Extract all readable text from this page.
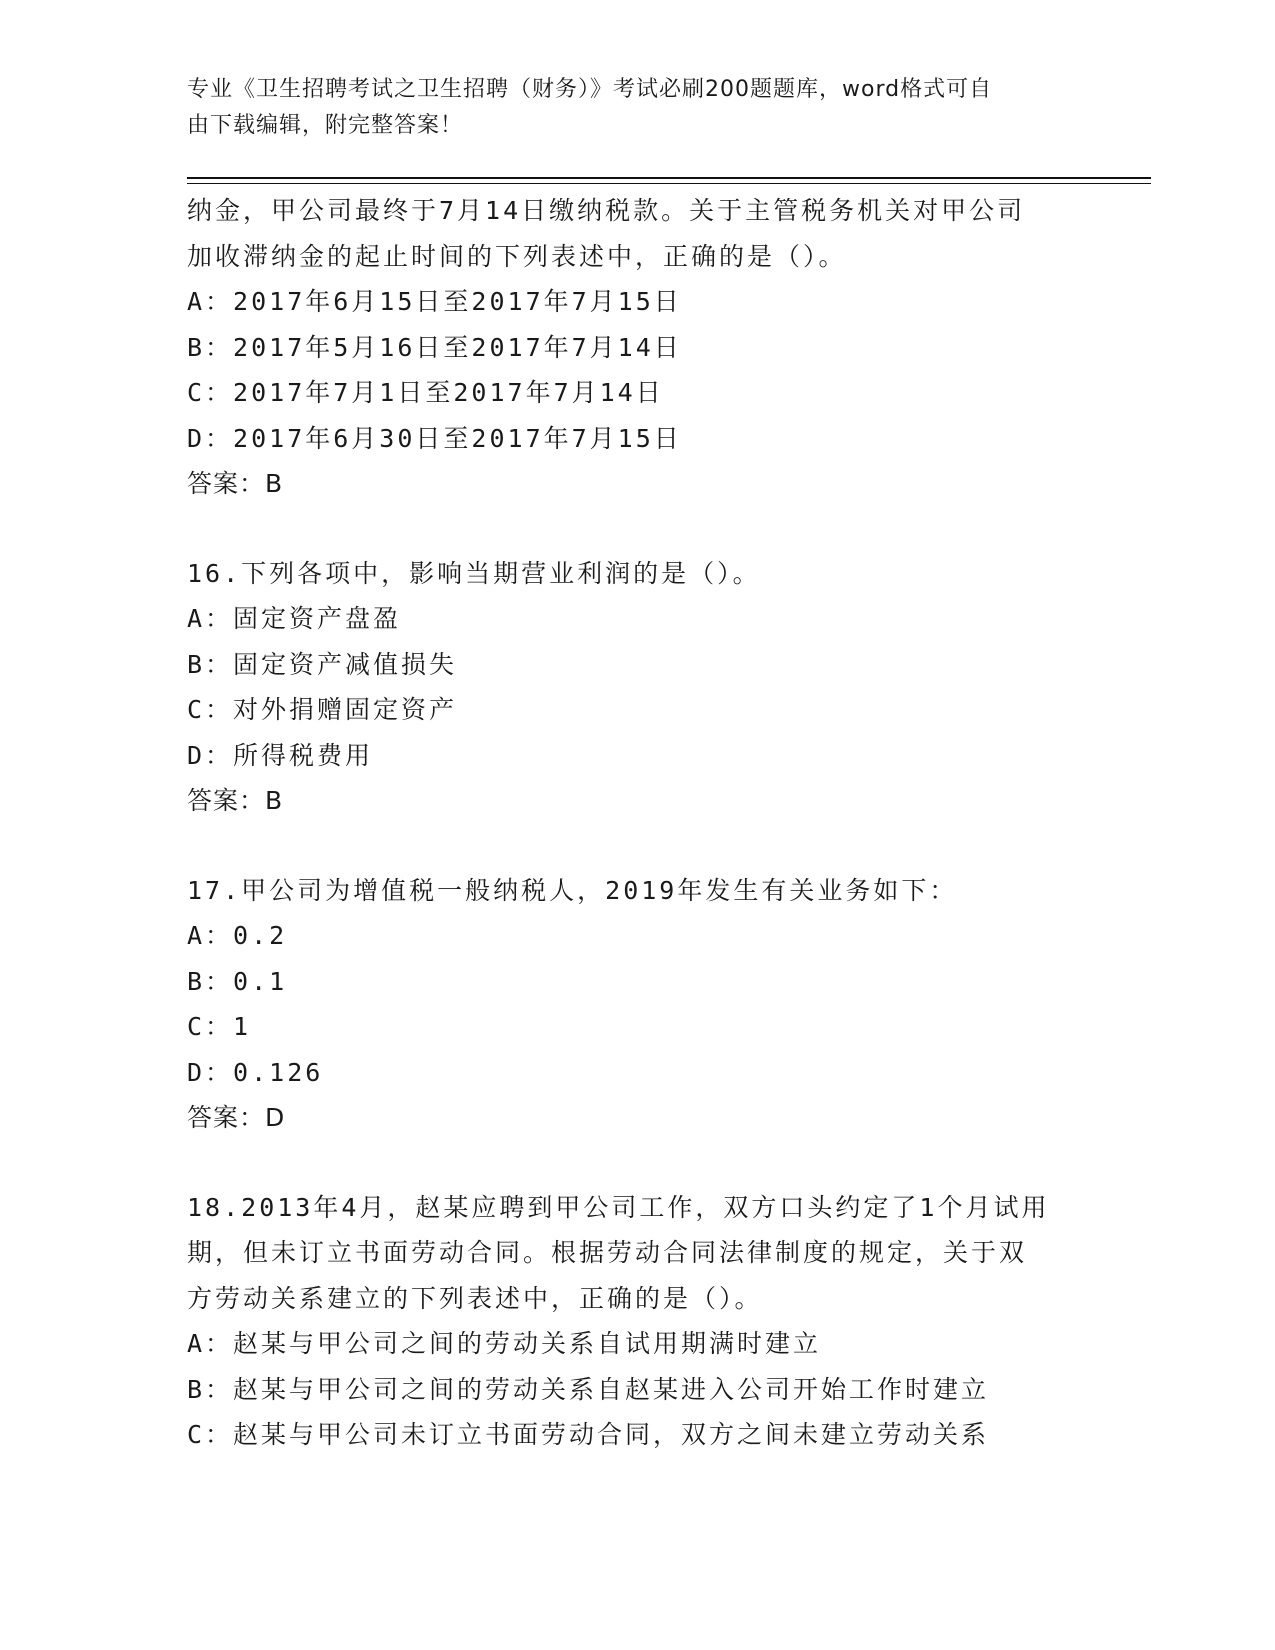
专业《卫生招聘考试之卫生招聘（财务）》考试必刷200题题库，word格式可自
由下载编辑，附完整答案！
纳金，甲公司最终于7月14日缴纳税款。关于主管税务机关对甲公司
加收滞纳金的起止时间的下列表述中，正确的是（）。
A：2017年6月15日至2017年7月15日
B：2017年5月16日至2017年7月14日
C：2017年7月1日至2017年7月14日
D：2017年6月30日至2017年7月15日
答案：B
16.下列各项中，影响当期营业利润的是（）。
A：固定资产盘盈
B：固定资产减值损失
C：对外捐赠固定资产
D：所得税费用
答案：B
17.甲公司为增值税一般纳税人，2019年发生有关业务如下：
A：0.2
B：0.1
C：1
D：0.126
答案：D
18.2013年4月，赵某应聘到甲公司工作，双方口头约定了1个月试用
期，但未订立书面劳动合同。根据劳动合同法律制度的规定，关于双
方劳动关系建立的下列表述中，正确的是（）。
A：赵某与甲公司之间的劳动关系自试用期满时建立
B：赵某与甲公司之间的劳动关系自赵某进入公司开始工作时建立
C：赵某与甲公司未订立书面劳动合同，双方之间未建立劳动关系
